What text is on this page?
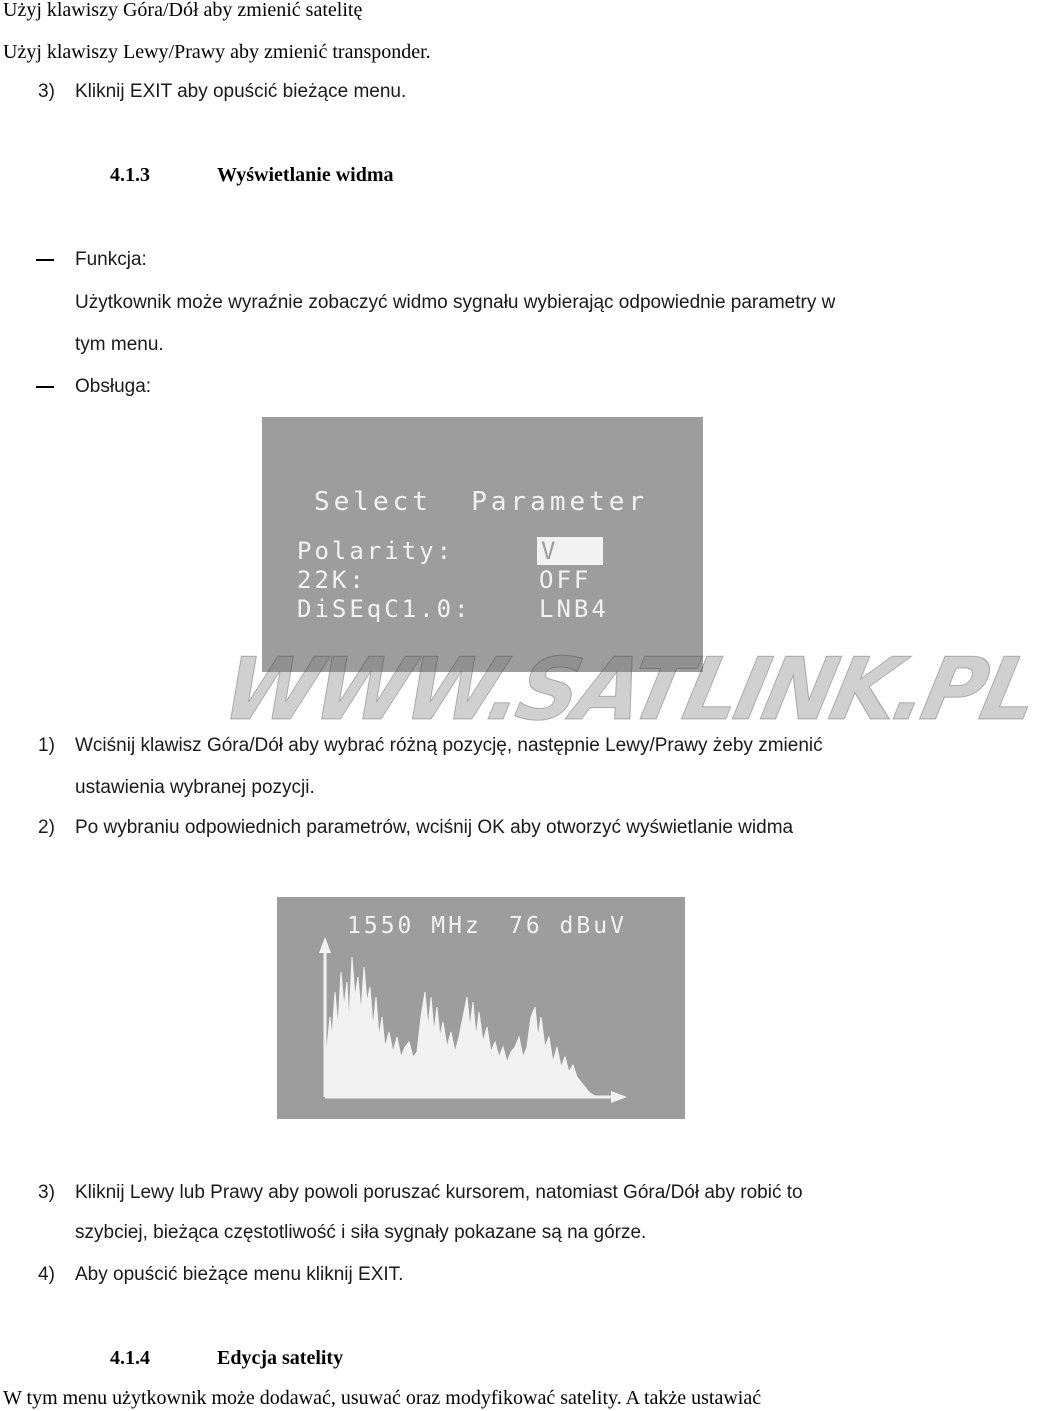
Użyj klawiszy Góra/Dół aby zmienić satelitę
Użyj klawiszy Lewy/Prawy aby zmienić transponder.
3) Kliknij EXIT aby opuścić bieżące menu.
4.1.3	Wyświetlanie widma
Funkcja:
Użytkownik może wyraźnie zobaczyć widmo sygnału wybierając odpowiednie parametry w
tym menu.
Obsługa:
Select  Parameter
Polarity:	V
22K:	OFF
DiSEqC1.0:	LNB4
WWW.SATLINK.PL
1) Wciśnij klawisz Góra/Dół aby wybrać różną pozycję, następnie Lewy/Prawy żeby zmienić
ustawienia wybranej pozycji.
2) Po wybraniu odpowiednich parametrów, wciśnij OK aby otworzyć wyświetlanie widma
1550 MHz 76 dBuV
3) Kliknij Lewy lub Prawy aby powoli poruszać kursorem, natomiast Góra/Dół aby robić to
szybciej, bieżąca częstotliwość i siła sygnały pokazane są na górze.
4) Aby opuścić bieżące menu kliknij EXIT.
4.1.4	Edycja satelity
W tym menu użytkownik może dodawać, usuwać oraz modyfikować satelity. A także ustawiać
